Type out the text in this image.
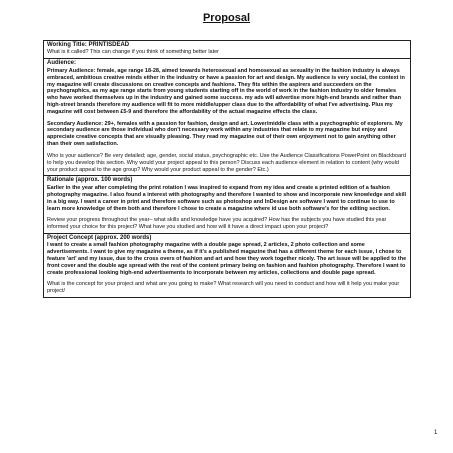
Proposal
Working Title: PRINTISDEAD

What is it called? This can change if you think of something better later

Audience:

Primary Audience: female, age range 18-28, aimed towards heterosexual and homosexual as sexuality in the fashion industry is always embraced, ambitious creative minds either in the industry or have a passion for art and design. My audience is very social, the context in my magazine will create discussions on creative concepts and fashions. They fits within the aspirers and succeeders on the psychographics, as my age range starts from young students starting off in the world of work in the fashion industry to older females who have worked themselves up in the industry and gained some success. my ads will advertise more high-end brands and rather than high-street brands therefore my audience will fit to more middle/upper class due to the affordability of what I've advertising. Plus my magazine will cost between £5-9 and therefore the affordability of the actual magazine effects the class.

Secondary Audience: 29+, females with a passion for fashion, design and art. Lower/middle class with a psychographic of explorers. My secondary audience are those individual who don't necessary work within any industries that relate to my magazine but enjoy and appreciate creative concepts that are visually pleasing. They read my magazine out of their own enjoyment not to gain anything other than their own satisfaction.

Who is your audience? Be very detailed; age, gender, social status, psychographic etc. Use the Audience Classifications PowerPoint on Blackboard to help you develop this section. Why would your project appeal to this person? Discuss each audience element in relation to content (why would your product appeal to the age group? Why would your product appeal to the gender? Etc.)

Rationale (approx. 100 words)

Earlier in the year after completing the print rotation I was inspired to expand from my idea and create a printed edition of a fashion photography magazine. I also found a interest with photography and therefore I wanted to show and incorporate new knowledge and skill in a big way. I want a career in print and therefore software such as photoshop and InDesign are software I want to continue to use to learn more knowledge of them both and therefore I chose to create a magazine where id use both software's for the editing section.

Review your progress throughout the year– what skills and knowledge have you acquired? How has the subjects you have studied this year informed your choice for this project? What have you studied and how will it have a direct impact upon your project?

Project Concept (approx. 200 words)

I want to create a small fashion photography magazine with a double page spread, 2 articles, 2 photo collection and some advertisements. I want to give my magazine a theme, as if it's a published magazine that has a different theme for each issue, I chose to feature 'art' and my issue, due to the cross overs of fashion and art and how they work together nicely. The art issue will be applied to the front cover and the double age spread with the rest of the content primary being on fashion and fashion photography. Therefore I want to create professional looking high-end advertisements to incorporate between my articles, collections and double page spread.

What is the concept for your project and what are you going to make? What research will you need to conduct and how will it help you make your project/

1
